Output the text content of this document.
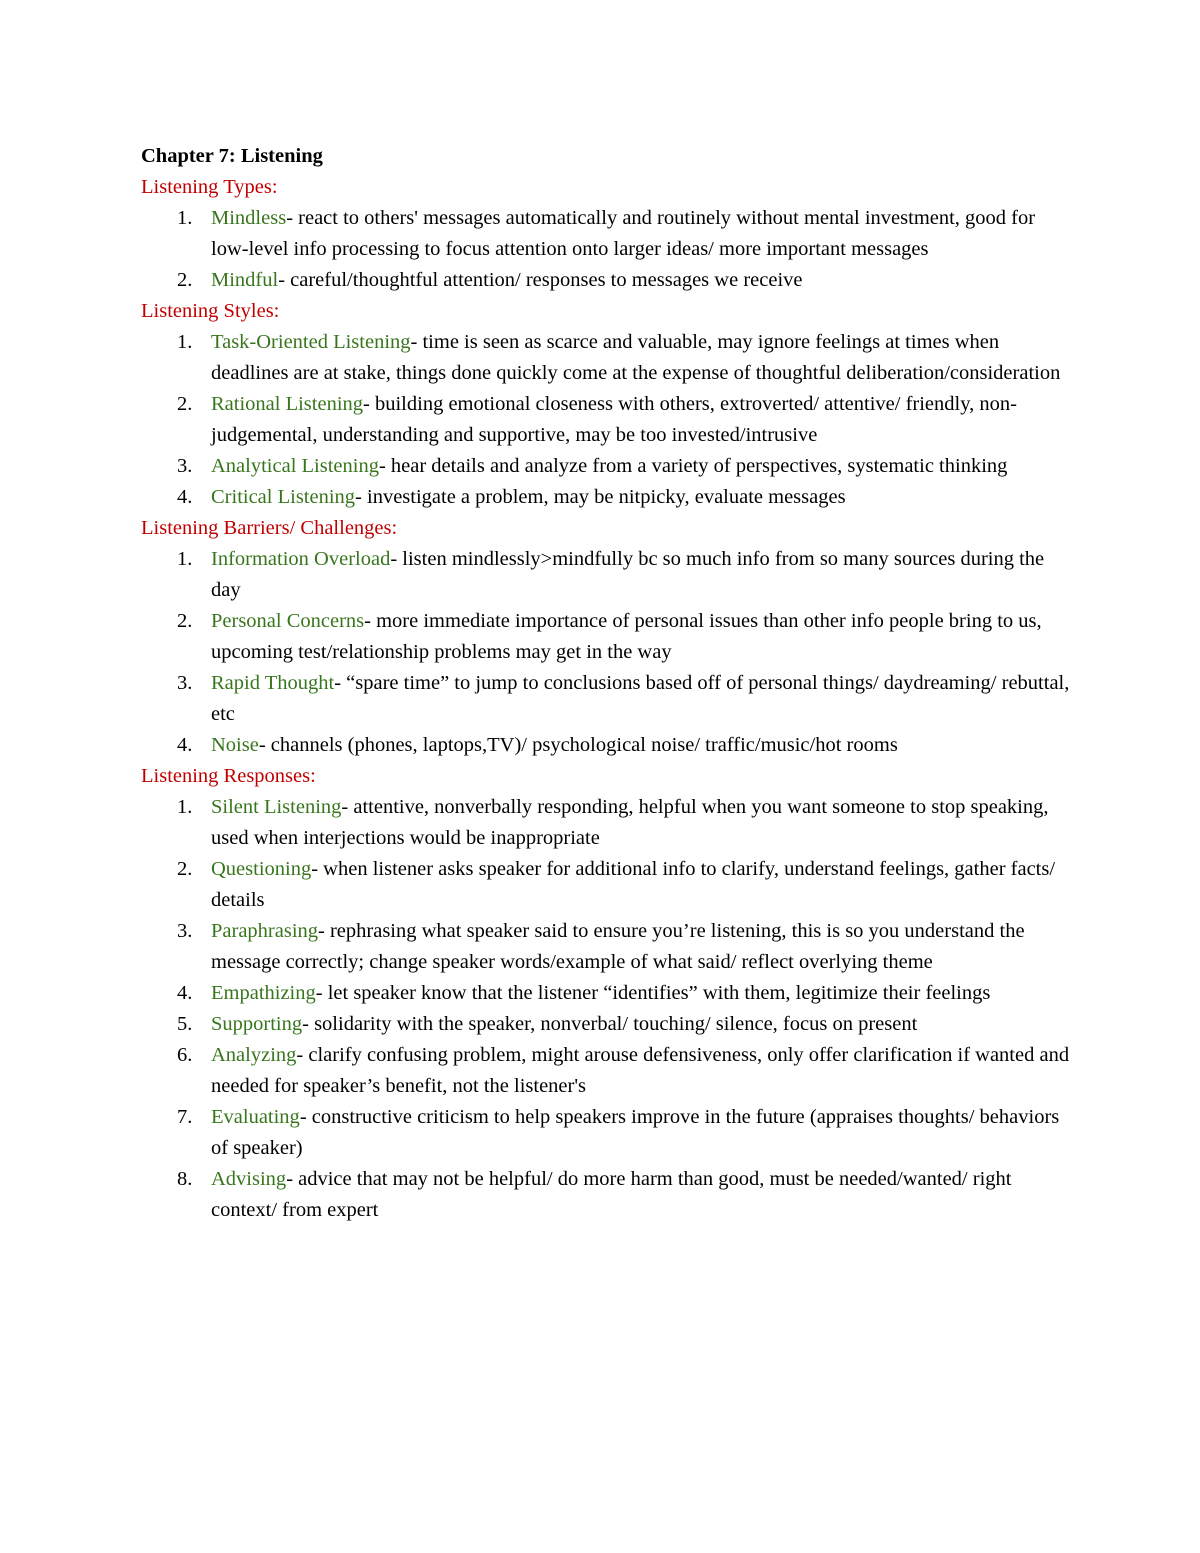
Chapter 7: Listening

Listening Types:

1. Mindless- react to others' messages automatically and routinely without mental investment, good for low-level info processing to focus attention onto larger ideas/ more important messages
2. Mindful- careful/thoughtful attention/ responses to messages we receive

Listening Styles:

1. Task-Oriented Listening- time is seen as scarce and valuable, may ignore feelings at times when deadlines are at stake, things done quickly come at the expense of thoughtful deliberation/consideration
2. Rational Listening- building emotional closeness with others, extroverted/ attentive/ friendly, non-judgemental, understanding and supportive, may be too invested/intrusive
3. Analytical Listening- hear details and analyze from a variety of perspectives, systematic thinking
4. Critical Listening- investigate a problem, may be nitpicky, evaluate messages

Listening Barriers/ Challenges:

1. Information Overload- listen mindlessly>mindfully bc so much info from so many sources during the day
2. Personal Concerns- more immediate importance of personal issues than other info people bring to us, upcoming test/relationship problems may get in the way
3. Rapid Thought- “spare time” to jump to conclusions based off of personal things/ daydreaming/ rebuttal, etc
4. Noise- channels (phones, laptops,TV)/ psychological noise/ traffic/music/hot rooms

Listening Responses:

1. Silent Listening- attentive, nonverbally responding, helpful when you want someone to stop speaking, used when interjections would be inappropriate
2. Questioning- when listener asks speaker for additional info to clarify, understand feelings, gather facts/ details
3. Paraphrasing- rephrasing what speaker said to ensure you’re listening, this is so you understand the message correctly; change speaker words/example of what said/ reflect overlying theme
4. Empathizing- let speaker know that the listener “identifies” with them, legitimize their feelings
5. Supporting- solidarity with the speaker, nonverbal/ touching/ silence, focus on present
6. Analyzing- clarify confusing problem, might arouse defensiveness, only offer clarification if wanted and needed for speaker’s benefit, not the listener's
7. Evaluating- constructive criticism to help speakers improve in the future (appraises thoughts/ behaviors of speaker)
8. Advising- advice that may not be helpful/ do more harm than good, must be needed/wanted/ right context/ from expert
